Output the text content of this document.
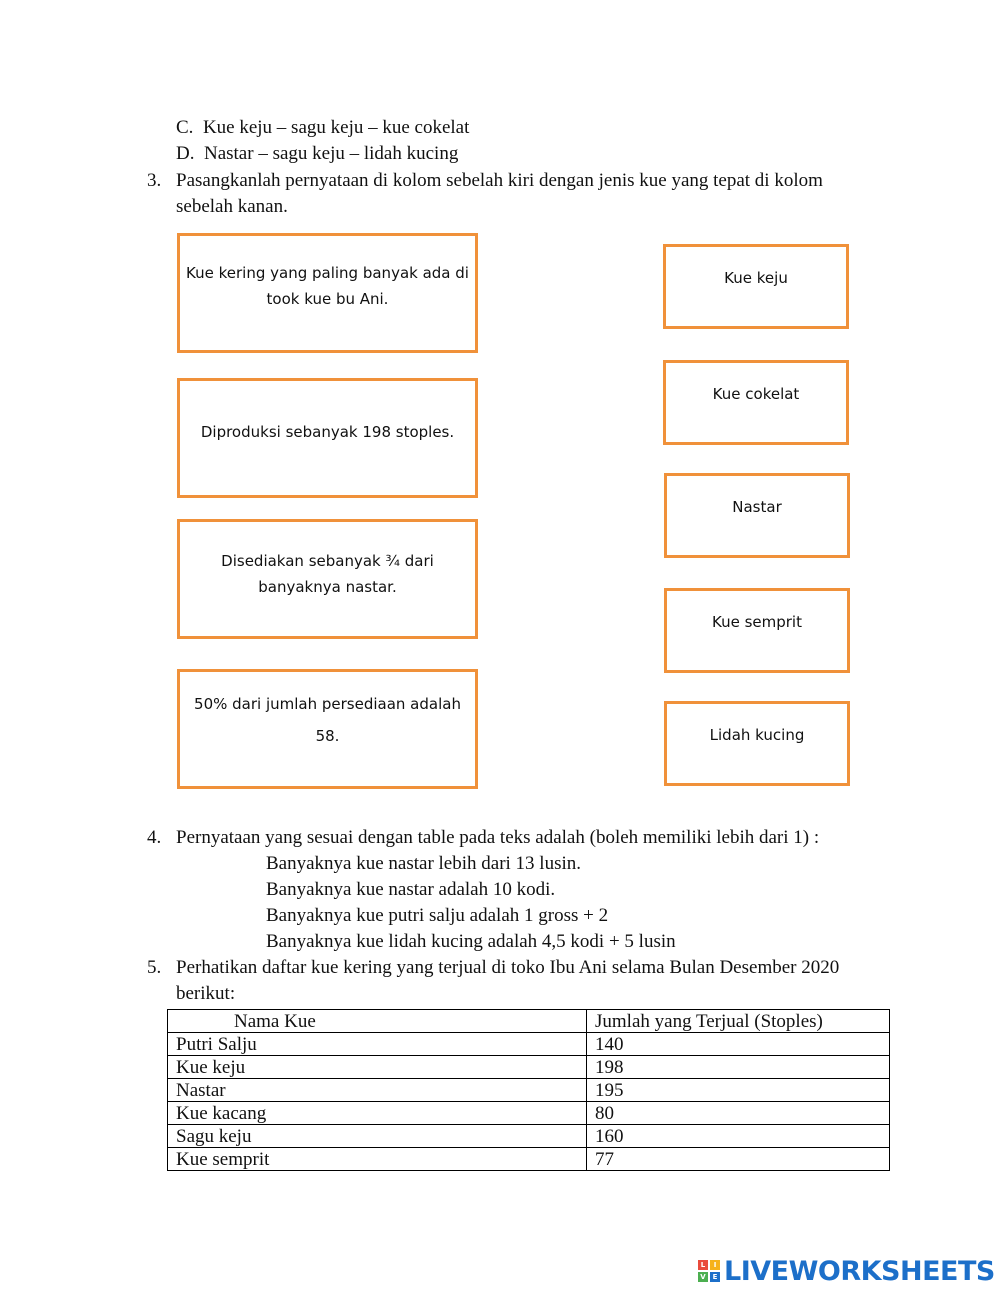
C. Kue keju – sagu keju – kue cokelat
D. Nastar – sagu keju – lidah kucing
3. Pasangkanlah pernyataan di kolom sebelah kiri dengan jenis kue yang tepat di kolom
sebelah kanan.
Kue kering yang paling banyak ada di
took kue bu Ani.
Diproduksi sebanyak 198 stoples.
Disediakan sebanyak ¾ dari
banyaknya nastar.
50% dari jumlah persediaan adalah
58.
Kue keju
Kue cokelat
Nastar
Kue semprit
Lidah kucing
4. Pernyataan yang sesuai dengan table pada teks adalah (boleh memiliki lebih dari 1) :
Banyaknya kue nastar lebih dari 13 lusin.
Banyaknya kue nastar adalah 10 kodi.
Banyaknya kue putri salju adalah 1 gross + 2
Banyaknya kue lidah kucing adalah 4,5 kodi + 5 lusin
5. Perhatikan daftar kue kering yang terjual di toko Ibu Ani selama Bulan Desember 2020
berikut:
Nama Kue	Jumlah yang Terjual (Stoples)
Putri Salju	140
Kue keju	198
Nastar	195
Kue kacang	80
Sagu keju	160
Kue semprit	77
L	I
V E LIVEWORKSHEETS
